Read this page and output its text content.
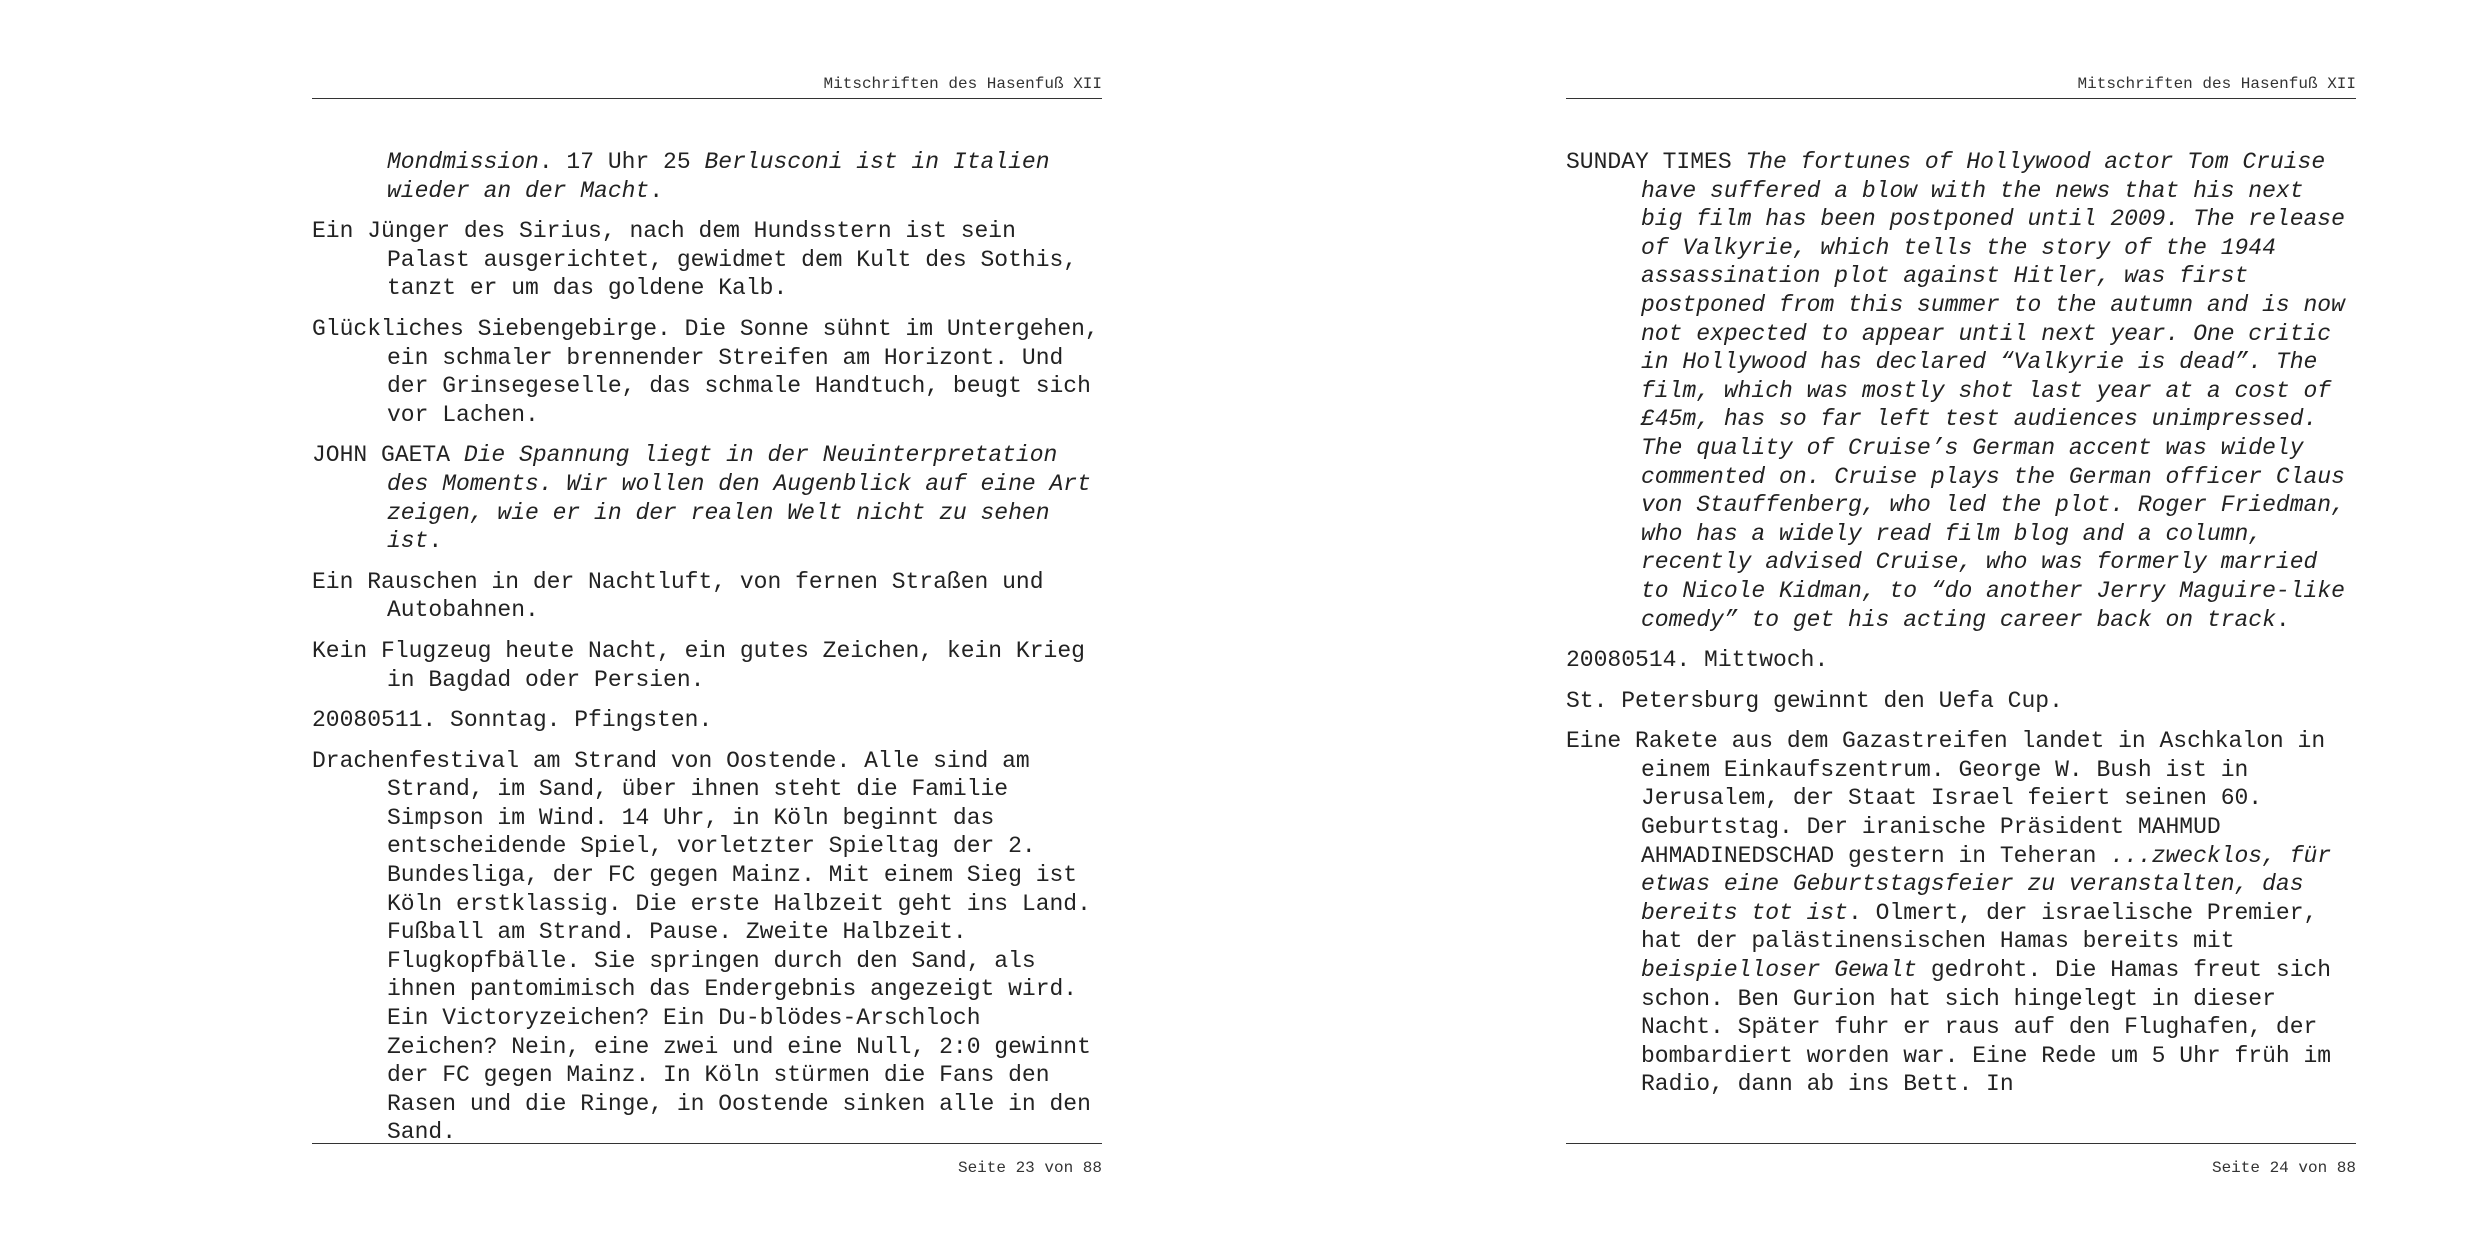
Mitschriften des Hasenfuß XII

Mondmission. 17 Uhr 25 Berlusconi ist in Italien wieder an der Macht.

Ein Jünger des Sirius, nach dem Hundsstern ist sein Palast ausgerichtet, gewidmet dem Kult des Sothis, tanzt er um das goldene Kalb.

Glückliches Siebengebirge. Die Sonne sühnt im Untergehen, ein schmaler brennender Streifen am Horizont. Und der Grinsegeselle, das schmale Handtuch, beugt sich vor Lachen.

JOHN GAETA Die Spannung liegt in der Neuinterpretation des Moments. Wir wollen den Augenblick auf eine Art zeigen, wie er in der realen Welt nicht zu sehen ist.

Ein Rauschen in der Nachtluft, von fernen Straßen und Autobahnen.

Kein Flugzeug heute Nacht, ein gutes Zeichen, kein Krieg in Bagdad oder Persien.

20080511. Sonntag. Pfingsten.

Drachenfestival am Strand von Oostende. Alle sind am Strand, im Sand, über ihnen steht die Familie Simpson im Wind. 14 Uhr, in Köln beginnt das entscheidende Spiel, vorletzter Spieltag der 2. Bundesliga, der FC gegen Mainz. Mit einem Sieg ist Köln erstklassig. Die erste Halbzeit geht ins Land. Fußball am Strand. Pause. Zweite Halbzeit. Flugkopfbälle. Sie springen durch den Sand, als ihnen pantomimisch das Endergebnis angezeigt wird. Ein Victoryzeichen? Ein Du-blödes-Arschloch Zeichen? Nein, eine zwei und eine Null, 2:0 gewinnt der FC gegen Mainz. In Köln stürmen die Fans den Rasen und die Ringe, in Oostende sinken alle in den Sand.

Seite 23 von 88
Mitschriften des Hasenfuß XII

SUNDAY TIMES The fortunes of Hollywood actor Tom Cruise have suffered a blow with the news that his next big film has been postponed until 2009. The release of Valkyrie, which tells the story of the 1944 assassination plot against Hitler, was first postponed from this summer to the autumn and is now not expected to appear until next year. One critic in Hollywood has declared “Valkyrie is dead”. The film, which was mostly shot last year at a cost of £45m, has so far left test audiences unimpressed. The quality of Cruise’s German accent was widely commented on. Cruise plays the German officer Claus von Stauffenberg, who led the plot. Roger Friedman, who has a widely read film blog and a column, recently advised Cruise, who was formerly married to Nicole Kidman, to “do another Jerry Maguire-like comedy” to get his acting career back on track.

20080514. Mittwoch.

St. Petersburg gewinnt den Uefa Cup.

Eine Rakete aus dem Gazastreifen landet in Aschkalon in einem Einkaufszentrum. George W. Bush ist in Jerusalem, der Staat Israel feiert seinen 60. Geburtstag. Der iranische Präsident MAHMUD AHMADINEDSCHAD gestern in Teheran ...zwecklos, für etwas eine Geburtstagsfeier zu veranstalten, das bereits tot ist. Olmert, der israelische Premier, hat der palästinensischen Hamas bereits mit beispielloser Gewalt gedroht. Die Hamas freut sich schon. Ben Gurion hat sich hingelegt in dieser Nacht. Später fuhr er raus auf den Flughafen, der bombardiert worden war. Eine Rede um 5 Uhr früh im Radio, dann ab ins Bett. In

Seite 24 von 88
